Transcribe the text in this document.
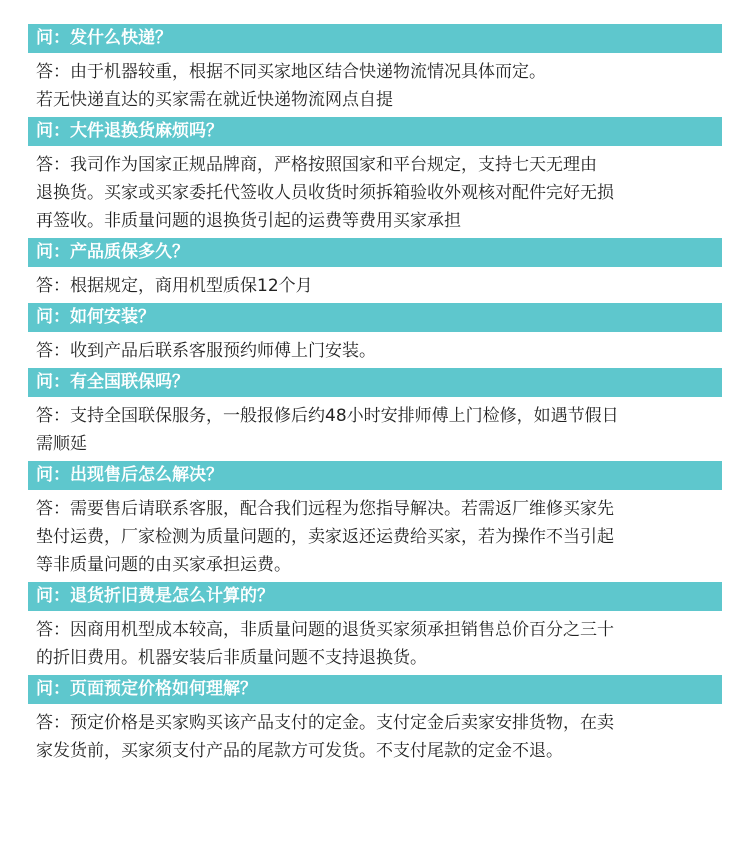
问：发什么快递？
答：由于机器较重，根据不同买家地区结合快递物流情况具体而定。
若无快递直达的买家需在就近快递物流网点自提
问：大件退换货麻烦吗？
答：我司作为国家正规品牌商，严格按照国家和平台规定，支持七天无理由
退换货。买家或买家委托代签收人员收货时须拆箱验收外观核对配件完好无损
再签收。非质量问题的退换货引起的运费等费用买家承担
问：产品质保多久？
答：根据规定，商用机型质保12个月
问：如何安装？
答：收到产品后联系客服预约师傅上门安装。
问：有全国联保吗？
答：支持全国联保服务，一般报修后约48小时安排师傅上门检修，如遇节假日
需顺延
问：出现售后怎么解决？
答：需要售后请联系客服，配合我们远程为您指导解决。若需返厂维修买家先
垫付运费，厂家检测为质量问题的，卖家返还运费给买家，若为操作不当引起
等非质量问题的由买家承担运费。
问：退货折旧费是怎么计算的？
答：因商用机型成本较高，非质量问题的退货买家须承担销售总价百分之三十
的折旧费用。机器安装后非质量问题不支持退换货。
问：页面预定价格如何理解？
答：预定价格是买家购买该产品支付的定金。支付定金后卖家安排货物，在卖
家发货前，买家须支付产品的尾款方可发货。不支付尾款的定金不退。
